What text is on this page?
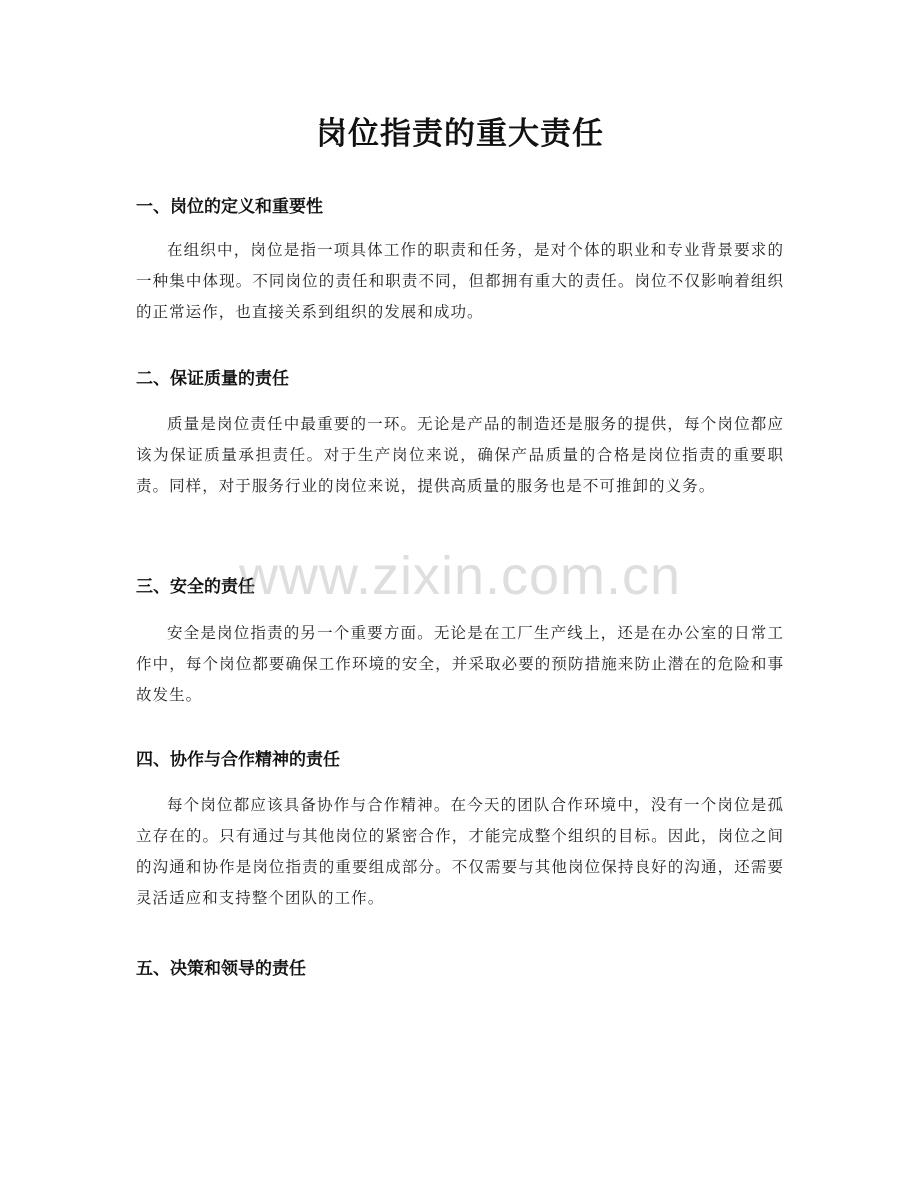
岗位指责的重大责任
一、岗位的定义和重要性

在组织中，岗位是指一项具体工作的职责和任务，是对个体的职业和专业背景要求的一种集中体现。不同岗位的责任和职责不同，但都拥有重大的责任。岗位不仅影响着组织的正常运作，也直接关系到组织的发展和成功。

二、保证质量的责任

质量是岗位责任中最重要的一环。无论是产品的制造还是服务的提供，每个岗位都应该为保证质量承担责任。对于生产岗位来说，确保产品质量的合格是岗位指责的重要职责。同样，对于服务行业的岗位来说，提供高质量的服务也是不可推卸的义务。

三、安全的责任

安全是岗位指责的另一个重要方面。无论是在工厂生产线上，还是在办公室的日常工作中，每个岗位都要确保工作环境的安全，并采取必要的预防措施来防止潜在的危险和事故发生。

四、协作与合作精神的责任

每个岗位都应该具备协作与合作精神。在今天的团队合作环境中，没有一个岗位是孤立存在的。只有通过与其他岗位的紧密合作，才能完成整个组织的目标。因此，岗位之间的沟通和协作是岗位指责的重要组成部分。不仅需要与其他岗位保持良好的沟通，还需要灵活适应和支持整个团队的工作。

五、决策和领导的责任
www.zixin.com.cn
